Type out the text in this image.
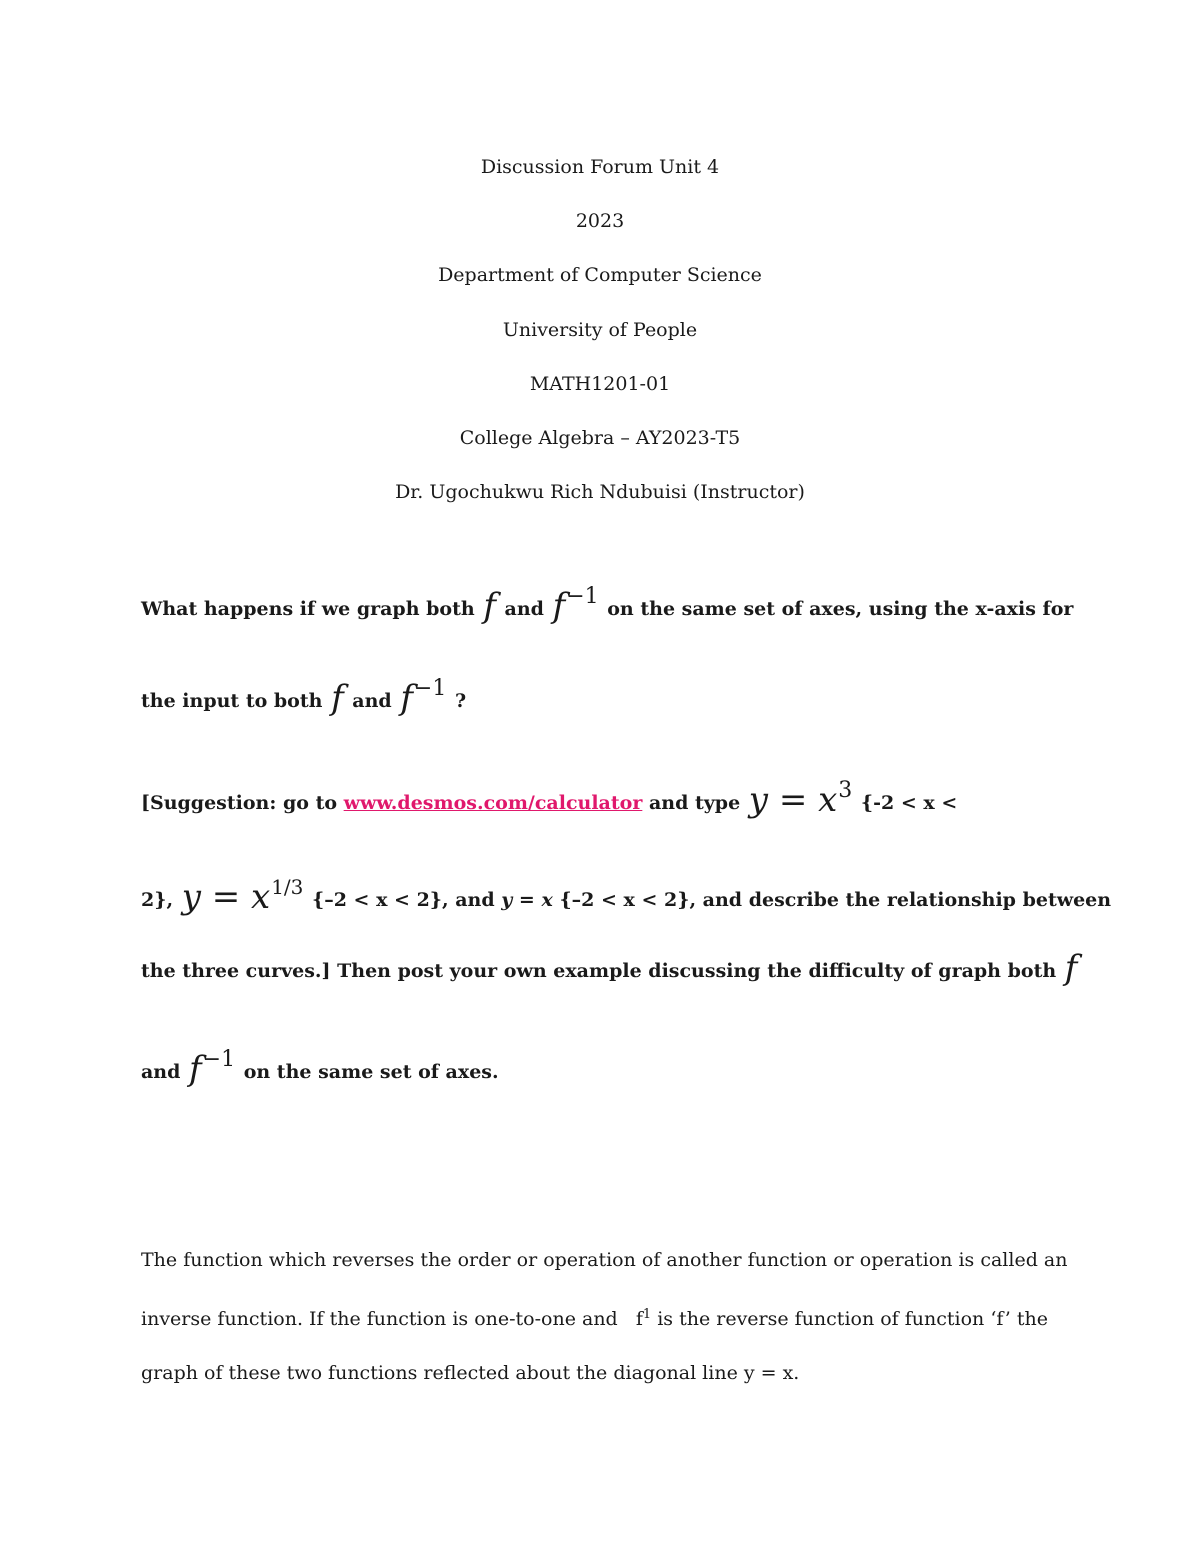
Discussion Forum Unit 4
2023
Department of Computer Science
University of People
MATH1201-01
College Algebra – AY2023-T5
Dr. Ugochukwu Rich Ndubuisi (Instructor)
What happens if we graph both f and $f^{-1}$ on the same set of axes, using the x-axis for
the input to both f and $f^{-1}$ ?
[Suggestion: go to www.desmos.com/calculator and type $y = x^3$ {-2 < x <
2}, $y = x^{1/3}$ {–2 < x < 2}, and y = x {–2 < x < 2}, and describe the relationship between
the three curves.] Then post your own example discussing the difficulty of graph both f
and $f^{-1}$ on the same set of axes.

The function which reverses the order or operation of another function or operation is called an

inverse function. If the function is one-to-one and $f^1$ is the reverse function of function ‘f’ the

graph of these two functions reflected about the diagonal line y = x.
